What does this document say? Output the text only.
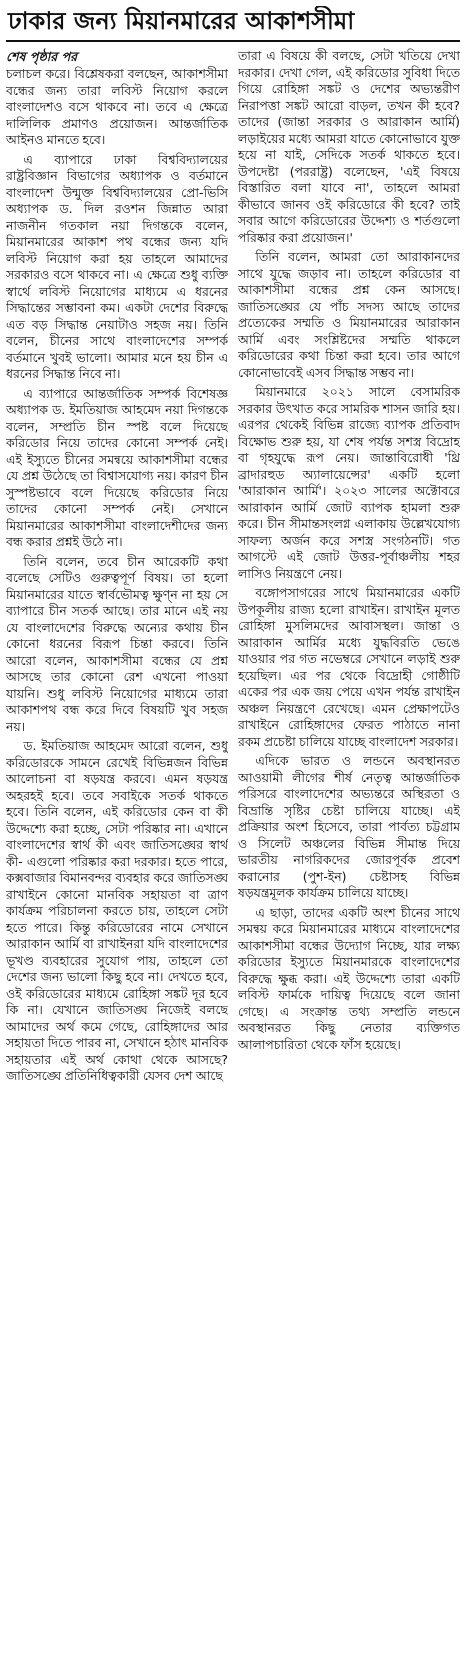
ঢাকার জন্য মিয়ানমারের আকাশসীমা
শেষ পৃষ্ঠার পর

চলাচল করে। বিশ্লেষকরা বলছেন, আকাশসীমা বন্ধের জন্য তারা লবিস্ট নিয়োগ করলে বাংলাদেশও বসে থাকবে না। তবে এ ক্ষেত্রে দালিলিক প্রমাণও প্রয়োজন। আন্তর্জাতিক আইনও মানতে হবে।

এ ব্যাপারে ঢাকা বিশ্ববিদ্যালয়ের রাষ্ট্রবিজ্ঞান বিভাগের অধ্যাপক ও বর্তমানে বাংলাদেশ উন্মুক্ত বিশ্ববিদ্যালয়ের প্রো-ভিসি অধ্যাপক ড. দিল রওশন জিন্নাত আরা নাজনীন গতকাল নয়া দিগন্তকে বলেন, মিয়ানমারের আকাশ পথ বন্ধের জন্য যদি লবিস্ট নিয়োগ করা হয় তাহলে আমাদের সরকারও বসে থাকবে না। এ ক্ষেত্রে শুধু ব্যক্তি স্বার্থে লবিস্ট নিয়োগের মাধ্যমে এ ধরনের সিদ্ধান্তের সম্ভাবনা কম। একটা দেশের বিরুদ্ধে এত বড় সিদ্ধান্ত নেয়াটাও সহজ নয়। তিনি বলেন, চীনের সাথে বাংলাদেশের সম্পর্ক বর্তমানে খুবই ভালো। আমার মনে হয় চীন এ ধরনের সিদ্ধান্ত নিবে না।

এ ব্যাপারে আন্তর্জাতিক সম্পর্ক বিশেষজ্ঞ অধ্যাপক ড. ইমতিয়াজ আহমেদ নয়া দিগন্তকে বলেন, সম্প্রতি চীন স্পষ্ট বলে দিয়েছে করিডোর নিয়ে তাদের কোনো সম্পর্ক নেই। এই ইস্যুতে চীনের সমন্বয়ে আকাশসীমা বন্ধের যে প্রশ্ন উঠেছে তা বিশ্বাসযোগ্য নয়। কারণ চীন সুস্পষ্টভাবে বলে দিয়েছে করিডোর নিয়ে তাদের কোনো সম্পর্ক নেই। সেখানে মিয়ানমারের আকাশসীমা বাংলাদেশীদের জন্য বন্ধ করার প্রশ্নই উঠে না।

তিনি বলেন, তবে চীন আরেকটি কথা বলেছে সেটিও গুরুত্বপূর্ণ বিষয়। তা হলো মিয়ানমারের যাতে স্বার্বভৌমত্ব ক্ষুণ্ন না হয় সে ব্যাপারে চীন সতর্ক আছে। তার মানে এই নয় যে বাংলাদেশের বিরুদ্ধে অন্যের কথায় চীন কোনো ধরনের বিরূপ চিন্তা করবে। তিনি আরো বলেন, আকাশসীমা বন্ধের যে প্রশ্ন আসছে তার কোনো রেশ এখনো পাওয়া যায়নি। শুধু লবিস্ট নিয়োগের মাধ্যমে তারা আকাশপথ বন্ধ করে দিবে বিষয়টি খুব সহজ নয়।

ড. ইমতিয়াজ আহমেদ আরো বলেন, শুধু করিডোরকে সামনে রেখেই বিভিন্নজন বিভিন্ন আলোচনা বা ষড়যন্ত্র করবে। এমন ষড়যন্ত্র অহরহই হবে। তবে সবাইকে সতর্ক থাকতে হবে। তিনি বলেন, এই করিডোর কেন বা কী উদ্দেশ্যে করা হচ্ছে, সেটা পরিষ্কার না। এখানে বাংলাদেশের স্বার্থ কী এবং জাতিসঙ্ঘের স্বার্থ কী- এগুলো পরিষ্কার করা দরকার। হতে পারে, কক্সবাজার বিমানবন্দর ব্যবহার করে জাতিসঙ্ঘ রাখাইনে কোনো মানবিক সহায়তা বা ত্রাণ কার্যক্রম পরিচালনা করতে চায়, তাহলে সেটা হতে পারে। কিন্তু করিডোরের নামে সেখানে আরাকান আর্মি বা রাখাইনরা যদি বাংলাদেশের ভূখণ্ড ব্যবহারের সুযোগ পায়, তাহলে তো দেশের জন্য ভালো কিছু হবে না। দেখতে হবে, ওই করিডোরের মাধ্যমে রোহিঙ্গা সঙ্কট দূর হবে কি না। যেখানে জাতিসঙ্ঘ নিজেই বলছে আমাদের অর্থ কমে গেছে, রোহিঙ্গাদের আর সহায়তা দিতে পারব না, সেখানে হঠাৎ মানবিক সহায়তার এই অর্থ কোথা থেকে আসছে? জাতিসঙ্ঘে প্রতিনিধিত্বকারী যেসব দেশ আছে

তারা এ বিষয়ে কী বলছে, সেটা খতিয়ে দেখা দরকার। দেখা গেল, এই করিডোর সুবিধা দিতে গিয়ে রোহিঙ্গা সঙ্কট ও দেশের অভ্যন্তরীণ নিরাপত্তা সঙ্কট আরো বাড়ল, তখন কী হবে? তাদের (জান্তা সরকার ও আরাকান আর্মি) লড়াইয়ের মধ্যে আমরা যাতে কোনোভাবে যুক্ত হয়ে না যাই, সেদিকে সতর্ক থাকতে হবে। উপদেষ্টা (পররাষ্ট্র) বলেছেন, 'এই বিষয়ে বিস্তারিত বলা যাবে না', তাহলে আমরা কীভাবে জানব ওই করিডোরে কী হবে? তাই সবার আগে করিডোরের উদ্দেশ্য ও শর্তগুলো পরিষ্কার করা প্রয়োজন।'

তিনি বলেন, আমরা তো আরাকানদের সাথে যুদ্ধে জড়াব না। তাহলে করিডোর বা আকাশসীমা বন্ধের প্রশ্ন কেন আসছে। জাতিসঙ্ঘের যে পাঁচ সদস্য আছে তাদের প্রত্যেকের সম্মতি ও মিয়ানমারের আরাকান আর্মি এবং সংশ্লিষ্টদের সম্মতি থাকলে করিডোরের কথা চিন্তা করা হবে। তার আগে কোনোভাবেই এসব সিদ্ধান্ত সম্ভব না।

মিয়ানমারে ২০২১ সালে বেসামরিক সরকার উৎখাত করে সামরিক শাসন জারি হয়। এরপর থেকেই বিভিন্ন রাজ্যে ব্যাপক প্রতিবাদ বিক্ষোভ শুরু হয়, যা শেষ পর্যন্ত সশস্ত্র বিদ্রোহ বা গৃহযুদ্ধে রূপ নেয়। জান্তাবিরোধী 'থ্রি ব্রাদারহুড অ্যালায়েন্সের' একটি হলো 'আরাকান আর্মি'। ২০২৩ সালের অক্টোবরে আরাকান আর্মি জোট ব্যাপক হামলা শুরু করে। চীন সীমান্তসংলগ্ন এলাকায় উল্লেখযোগ্য সাফল্য অর্জন করে সশস্ত্র সংগঠনটি। গত আগস্টে এই জোট উত্তর-পূর্বাঞ্চলীয় শহর লাসিও নিয়ন্ত্রণে নেয়।

বঙ্গোপসাগরের সাথে মিয়ানমারের একটি উপকূলীয় রাজ্য হলো রাখাইন। রাখাইন মূলত রোহিঙ্গা মুসলিমদের আবাসস্থল। জান্তা ও আরাকান আর্মির মধ্যে যুদ্ধবিরতি ভেঙে যাওয়ার পর গত নভেম্বরে সেখানে লড়াই শুরু হয়েছিল। এর পর থেকে বিদ্রোহী গোষ্ঠীটি একের পর এক জয় পেয়ে এখন পর্যন্ত রাখাইন অঞ্চল নিয়ন্ত্রণে রেখেছে। এমন প্রেক্ষাপটেও রাখাইনে রোহিঙ্গাদের ফেরত পাঠাতে নানা রকম প্রচেষ্টা চালিয়ে যাচ্ছে বাংলাদেশ সরকার।

এদিকে ভারত ও লন্ডনে অবস্থানরত আওয়ামী লীগের শীর্ষ নেতৃত্ব আন্তর্জাতিক পরিসরে বাংলাদেশের অভ্যন্তরে অস্থিরতা ও বিভ্রান্তি সৃষ্টির চেষ্টা চালিয়ে যাচ্ছে। এই প্রক্রিয়ার অংশ হিসেবে, তারা পার্বত্য চট্টগ্রাম ও সিলেট অঞ্চলের বিভিন্ন সীমান্ত দিয়ে ভারতীয় নাগরিকদের জোরপূর্বক প্রবেশ করানোর (পুশ-ইন) চেষ্টাসহ বিভিন্ন ষড়যন্ত্রমূলক কার্যক্রম চালিয়ে যাচ্ছে।

এ ছাড়া, তাদের একটি অংশ চীনের সাথে সমন্বয় করে মিয়ানমারের মাধ্যমে বাংলাদেশের আকাশসীমা বন্ধের উদ্যোগ নিচ্ছে, যার লক্ষ্য করিডোর ইস্যুতে মিয়ানমারকে বাংলাদেশের বিরুদ্ধে ক্ষুব্ধ করা। এই উদ্দেশ্যে তারা একটি লবিস্ট ফার্মকে দায়িত্ব দিয়েছে বলে জানা গেছে। এ সংক্রান্ত তথ্য সম্প্রতি লন্ডনে অবস্থানরত কিছু নেতার ব্যক্তিগত আলাপচারিতা থেকে ফাঁস হয়েছে।
